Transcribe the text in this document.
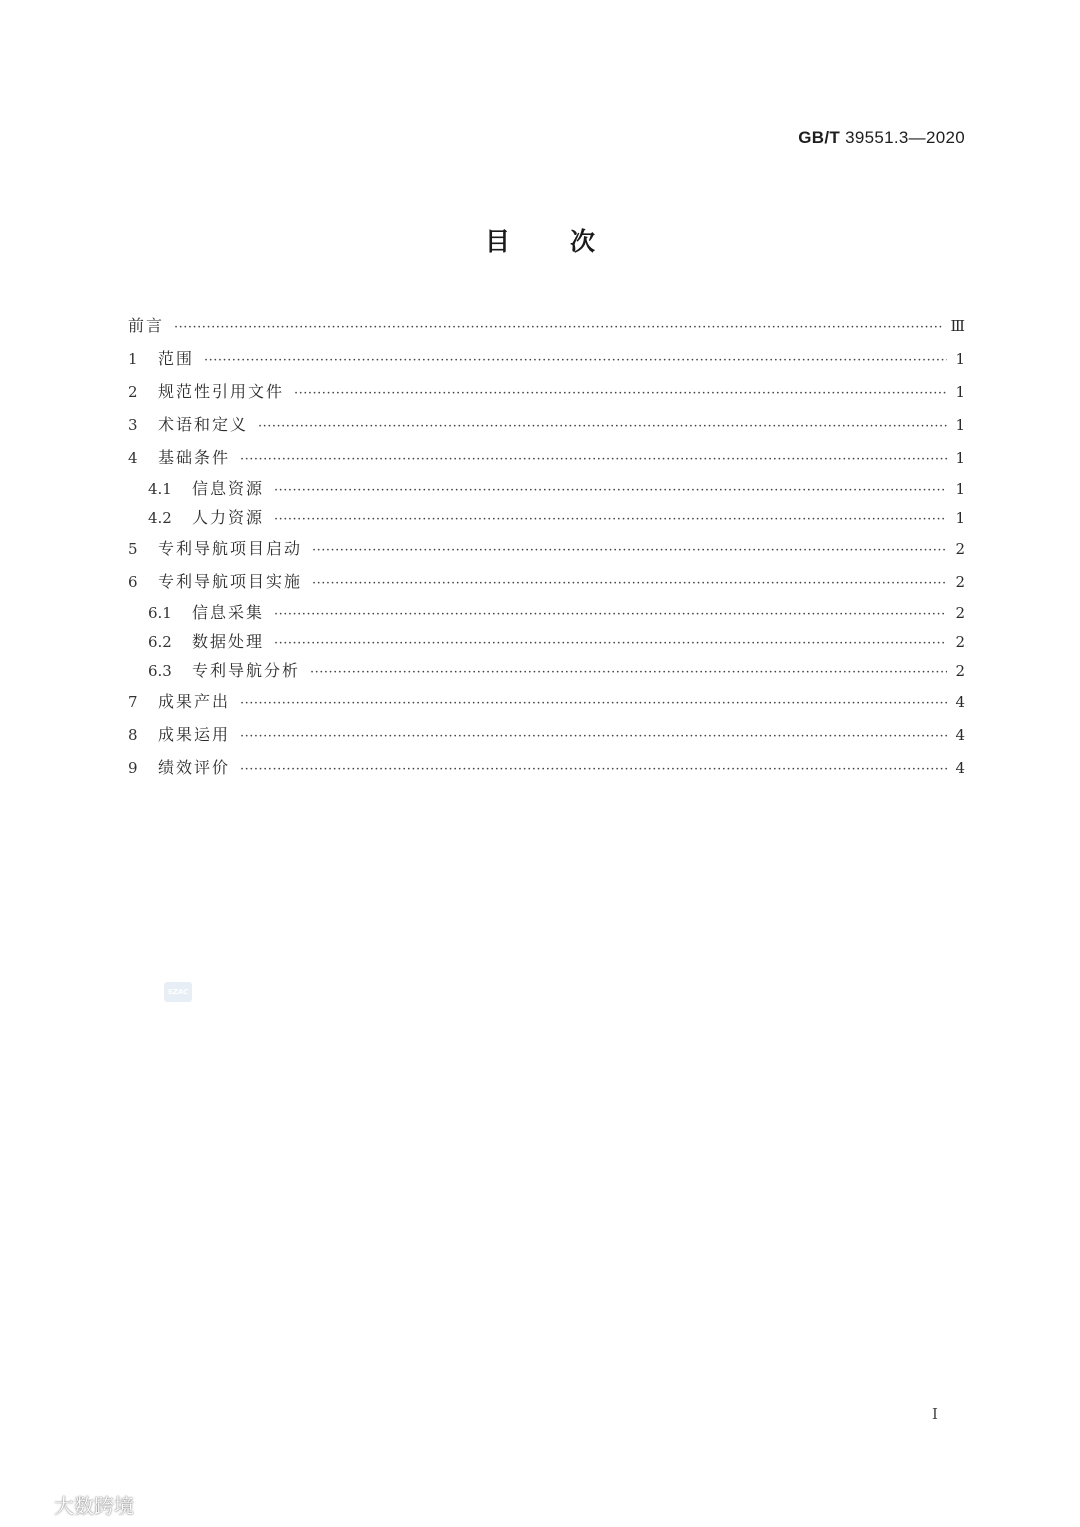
GB/T 39551.3—2020
目次
前言 ·····	Ⅲ
1	范围 ·····	1
2	规范性引用文件 ·····	1
3	术语和定义 ·····	1
4	基础条件 ·····	1
4.1	信息资源 ·····	1
4.2	人力资源 ·····	1
5	专利导航项目启动 ·····	2
6	专利导航项目实施 ·····	2
6.1	信息采集 ·····	2
6.2	数据处理 ·····	2
6.3	专利导航分析 ·····	2
7	成果产出 ·····	4
8	成果运用 ·····	4
9	绩效评价 ·····	4
SZAC
I
大数跨境
